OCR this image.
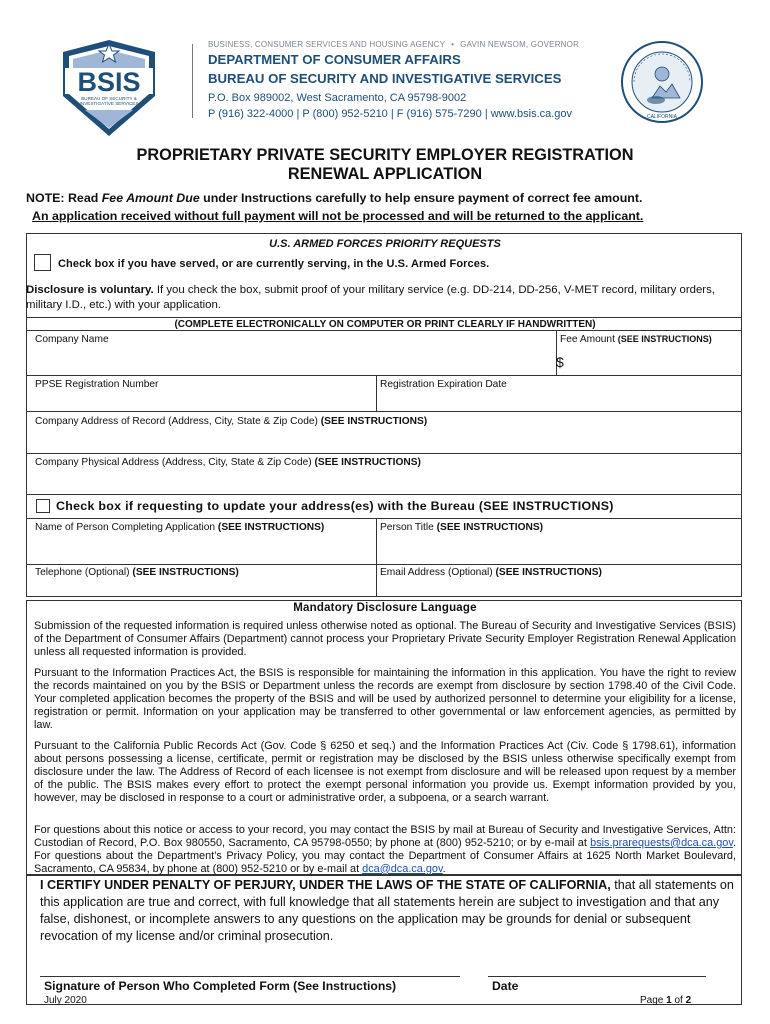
BSIS
BUREAU OF SECURITY &
INVESTIGATIVE SERVICES
BUSINESS, CONSUMER SERVICES AND HOUSING AGENCY • GAVIN NEWSOM, GOVERNOR
DEPARTMENT OF CONSUMER AFFAIRS
BUREAU OF SECURITY AND INVESTIGATIVE SERVICES
P.O. Box 989002, West Sacramento, CA 95798-9002
P (916) 322-4000 | P (800) 952-5210 | F (916) 575-7290 | www.bsis.ca.gov	CALIFORNIA
PROPRIETARY PRIVATE SECURITY EMPLOYER REGISTRATION
RENEWAL APPLICATION
NOTE: Read Fee Amount Due under Instructions carefully to help ensure payment of correct fee amount.
An application received without full payment will not be processed and will be returned to the applicant.
U.S. ARMED FORCES PRIORITY REQUESTS
Check box if you have served, or are currently serving, in the U.S. Armed Forces.
Disclosure is voluntary. If you check the box, submit proof of your military service (e.g. DD-214, DD-256, V-MET record, military orders, military I.D., etc.) with your application.
(COMPLETE ELECTRONICALLY ON COMPUTER OR PRINT CLEARLY IF HANDWRITTEN)
Company Name	Fee Amount (SEE INSTRUCTIONS)
$
PPSE Registration Number	Registration Expiration Date
Company Address of Record (Address, City, State & Zip Code) (SEE INSTRUCTIONS)
Company Physical Address (Address, City, State & Zip Code) (SEE INSTRUCTIONS)
Check box if requesting to update your address(es) with the Bureau (SEE INSTRUCTIONS)
Name of Person Completing Application (SEE INSTRUCTIONS)	Person Title (SEE INSTRUCTIONS)
Telephone (Optional) (SEE INSTRUCTIONS)	Email Address (Optional) (SEE INSTRUCTIONS)
Mandatory Disclosure Language
Submission of the requested information is required unless otherwise noted as optional. The Bureau of Security and Investigative Services (BSIS) of the Department of Consumer Affairs (Department) cannot process your Proprietary Private Security Employer Registration Renewal Application unless all requested information is provided.
Pursuant to the Information Practices Act, the BSIS is responsible for maintaining the information in this application. You have the right to review the records maintained on you by the BSIS or Department unless the records are exempt from disclosure by section 1798.40 of the Civil Code. Your completed application becomes the property of the BSIS and will be used by authorized personnel to determine your eligibility for a license, registration or permit. Information on your application may be transferred to other governmental or law enforcement agencies, as permitted by law.
Pursuant to the California Public Records Act (Gov. Code § 6250 et seq.) and the Information Practices Act (Civ. Code § 1798.61), information about persons possessing a license, certificate, permit or registration may be disclosed by the BSIS unless otherwise specifically exempt from disclosure under the law. The Address of Record of each licensee is not exempt from disclosure and will be released upon request by a member of the public. The BSIS makes every effort to protect the exempt personal information you provide us. Exempt information provided by you, however, may be disclosed in response to a court or administrative order, a subpoena, or a search warrant.
For questions about this notice or access to your record, you may contact the BSIS by mail at Bureau of Security and Investigative Services, Attn: Custodian of Record, P.O. Box 980550, Sacramento, CA 95798-0550; by phone at (800) 952-5210; or by e-mail at bsis.prarequests@dca.ca.gov. For questions about the Department’s Privacy Policy, you may contact the Department of Consumer Affairs at 1625 North Market Boulevard, Sacramento, CA 95834, by phone at (800) 952-5210 or by e-mail at dca@dca.ca.gov.
I CERTIFY UNDER PENALTY OF PERJURY, UNDER THE LAWS OF THE STATE OF CALIFORNIA, that all statements on this application are true and correct, with full knowledge that all statements herein are subject to investigation and that any false, dishonest, or incomplete answers to any questions on the application may be grounds for denial or subsequent revocation of my license and/or criminal prosecution.
Signature of Person Who Completed Form (See Instructions)	Date
July 2020	Page 1 of 2
